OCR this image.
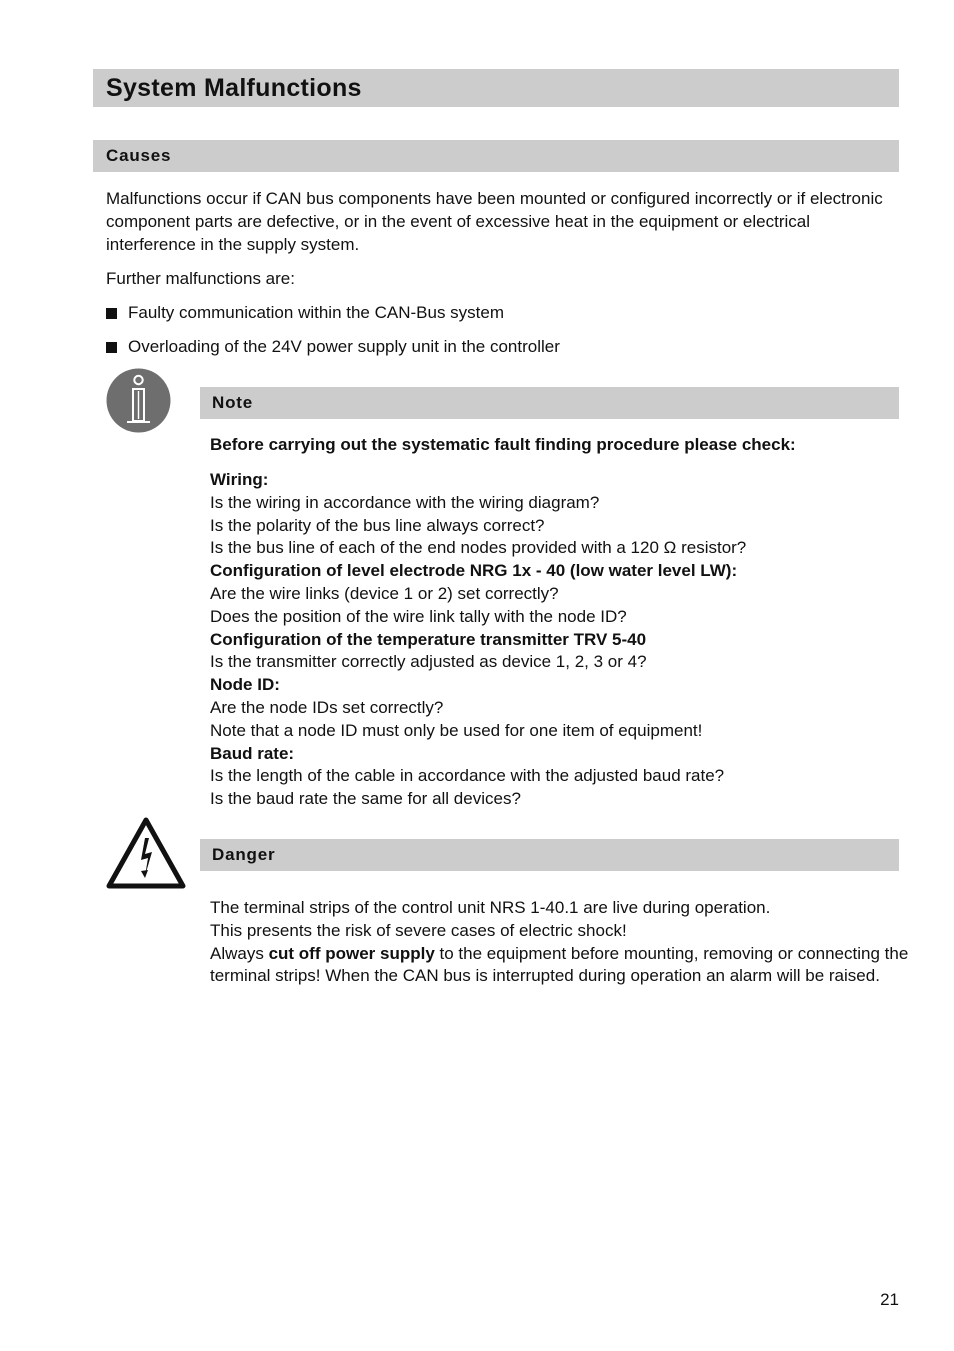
System Malfunctions
Causes

Malfunctions occur if CAN bus components have been mounted or configured incorrectly or if electronic component parts are defective, or in the event of excessive heat in the equipment or electrical interference in the supply system.

Further malfunctions are:

Faulty communication within the CAN-Bus system
Overloading of the 24V power supply unit in the controller
Note

Before carrying out the systematic fault finding procedure please check:

Wiring:
Is the wiring in accordance with the wiring diagram?
Is the polarity of the bus line always correct?
Is the bus line of each of the end nodes provided with a 120 Ω resistor?
Configuration of level electrode NRG 1x - 40 (low water level LW):
Are the wire links (device 1 or 2) set correctly?
Does the position of the wire link tally with the node ID?
Configuration of the temperature transmitter TRV 5-40
Is the transmitter correctly adjusted as device 1, 2, 3 or 4?
Node ID:
Are the node IDs set correctly?
Note that a node ID must only be used for one item of equipment!
Baud rate:
Is the length of the cable in accordance with the adjusted baud rate?
Is the baud rate the same for all devices?
Danger
The terminal strips of the control unit NRS 1-40.1 are live during operation.
This presents the risk of severe cases of electric shock!
Always cut off power supply to the equipment before mounting, removing or connecting the terminal strips! When the CAN bus is interrupted during operation an alarm will be raised.
21
